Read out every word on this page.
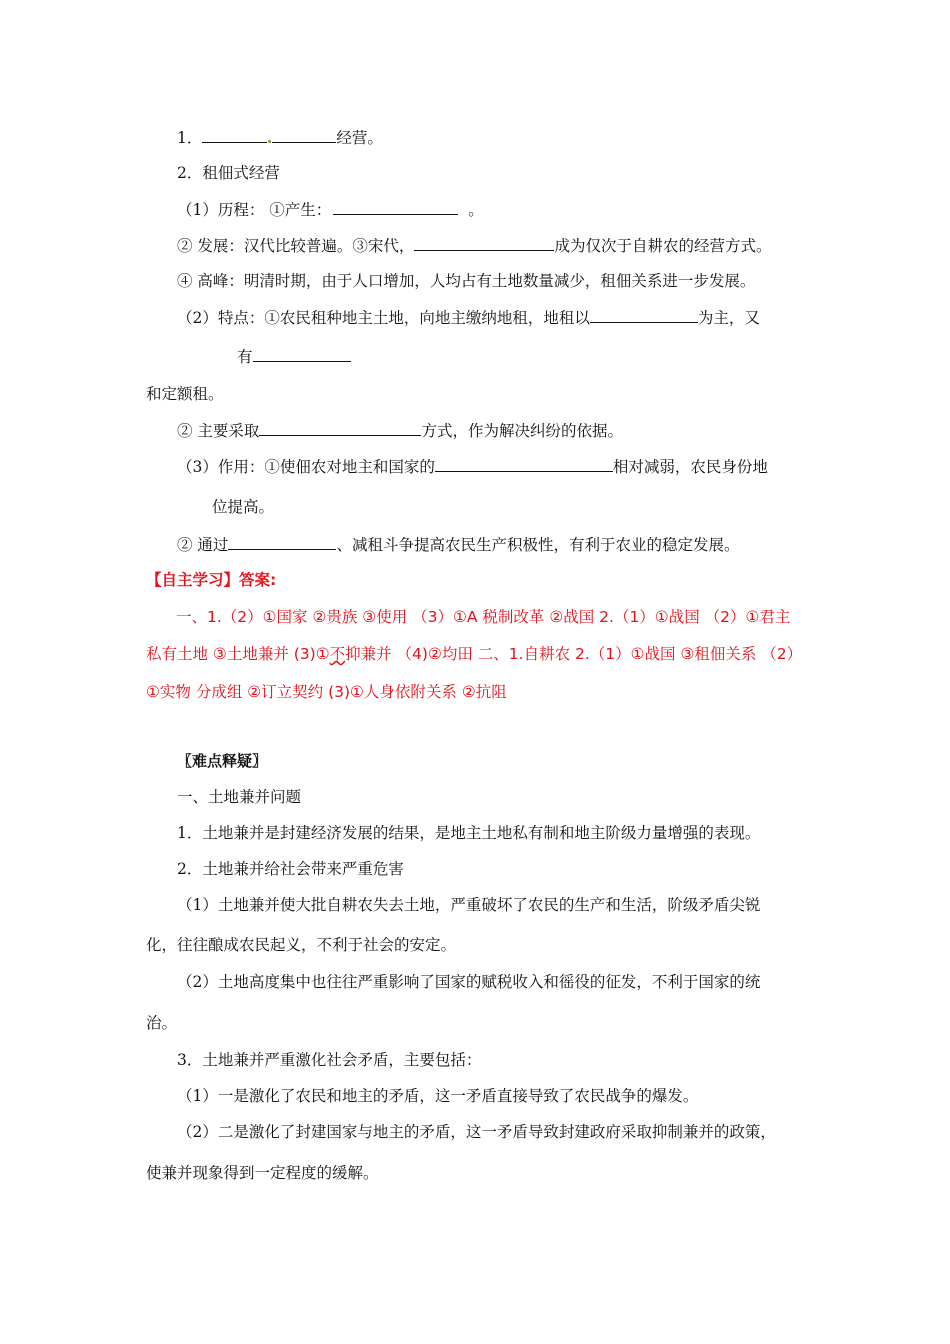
1．	经营。
2．租佃式经营
（1）历程： ①产生：	。
② 发展：汉代比较普遍。③宋代，	成为仅次于自耕农的经营方式。
④ 高峰：明清时期，由于人口增加，人均占有土地数量减少，租佃关系进一步发展。
（2）特点：①农民租种地主土地，向地主缴纳地租，地租以	为主，又
有
和定额租。
② 主要采取	方式，作为解决纠纷的依据。
（3）作用：①使佃农对地主和国家的	相对减弱，农民身份地
位提高。
② 通过	、减租斗争提高农民生产积极性，有利于农业的稳定发展。
【自主学习】答案:
一、1.（2）①国家 ②贵族 ③使用 （3）①A 税制改革 ②战国 2.（1）①战国 （2）①君主
私有土地 ③土地兼并 (3)①不抑兼并 （4)②均田 二、1.自耕农 2.（1）①战国 ③租佃关系 （2）
①实物 分成组 ②订立契约 (3)①人身依附关系 ②抗阻
〖难点释疑〗
一、土地兼并问题
1．土地兼并是封建经济发展的结果，是地主土地私有制和地主阶级力量增强的表现。
2．土地兼并给社会带来严重危害
（1）土地兼并使大批自耕农失去土地，严重破坏了农民的生产和生活，阶级矛盾尖锐
化，往往酿成农民起义，不利于社会的安定。
（2）土地高度集中也往往严重影响了国家的赋税收入和徭役的征发，不利于国家的统
治。
3．土地兼并严重激化社会矛盾，主要包括：
（1）一是激化了农民和地主的矛盾，这一矛盾直接导致了农民战争的爆发。
（2）二是激化了封建国家与地主的矛盾，这一矛盾导致封建政府采取抑制兼并的政策，
使兼并现象得到一定程度的缓解。
